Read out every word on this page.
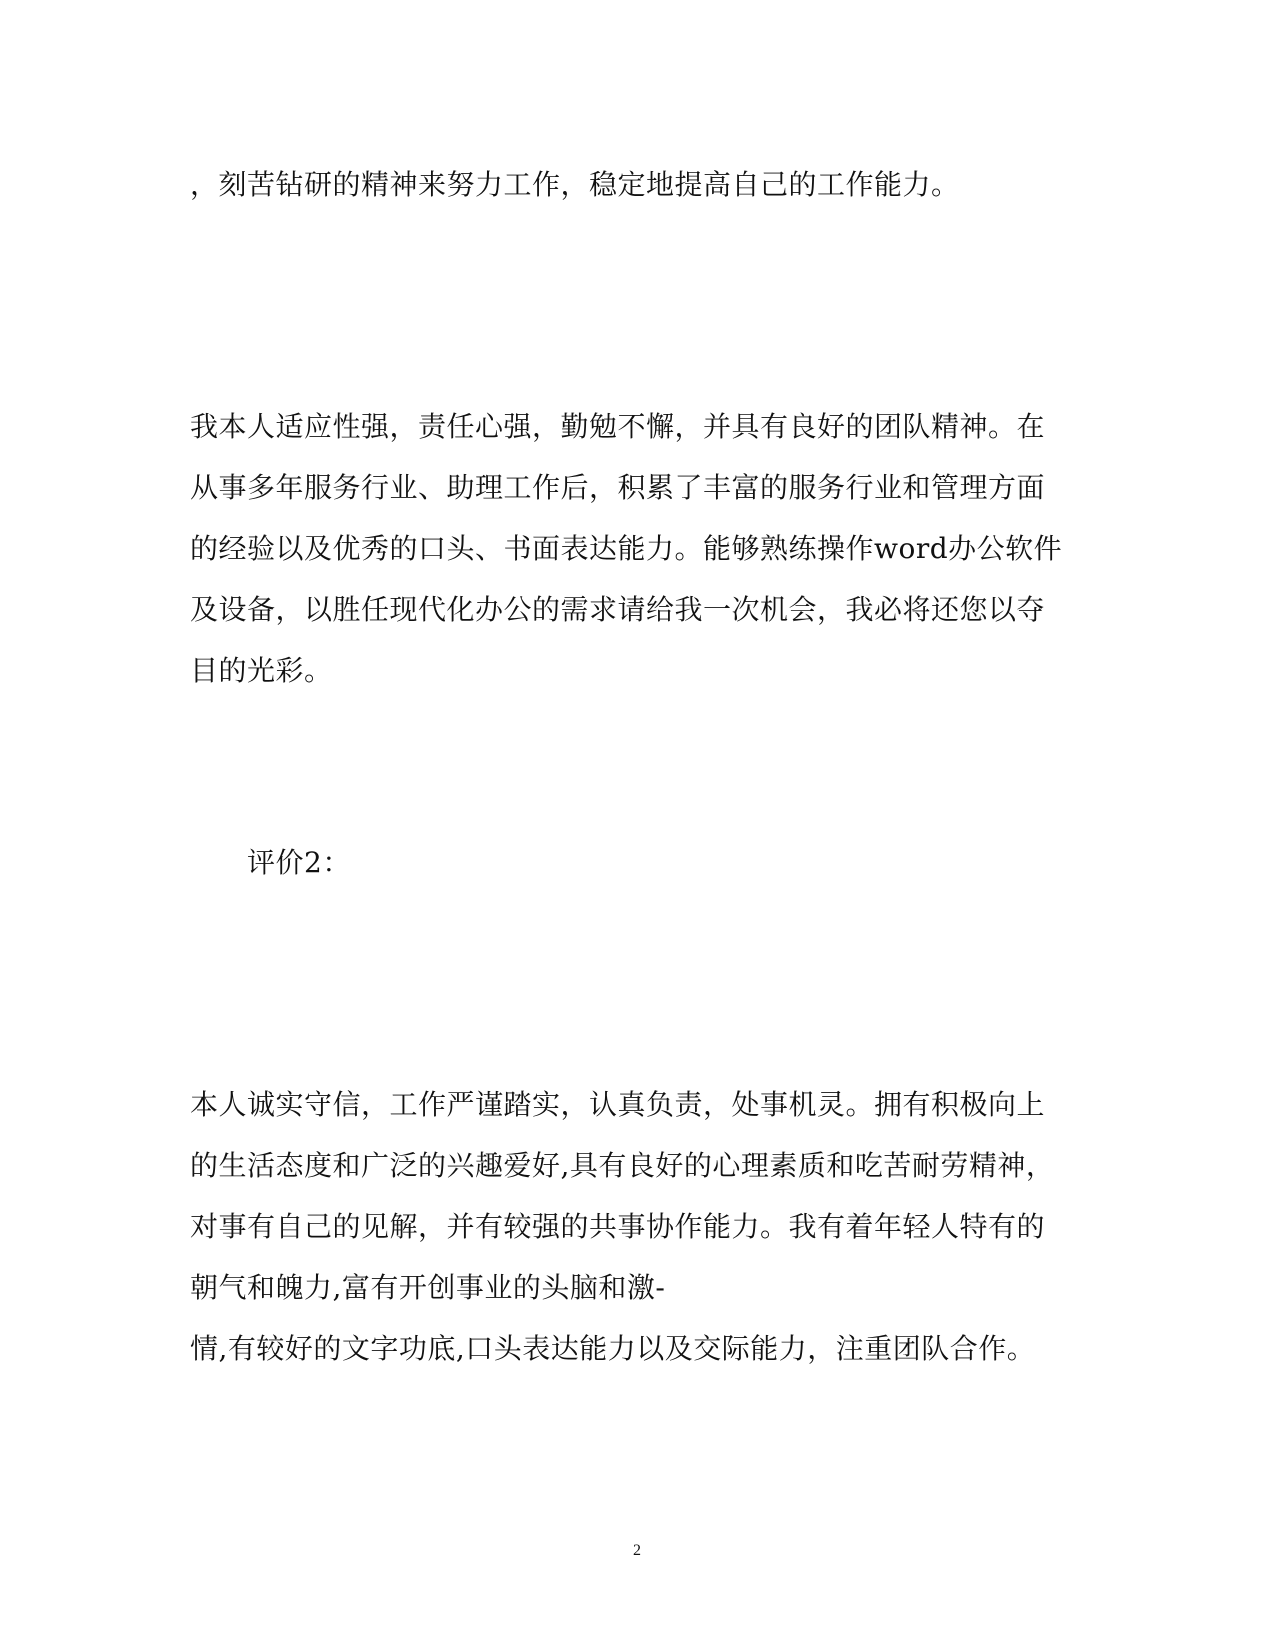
，刻苦钻研的精神来努力工作，稳定地提高自己的工作能力。
我本人适应性强，责任心强，勤勉不懈，并具有良好的团队精神。在
从事多年服务行业、助理工作后，积累了丰富的服务行业和管理方面
的经验以及优秀的口头、书面表达能力。能够熟练操作word办公软件
及设备，以胜任现代化办公的需求请给我一次机会，我必将还您以夺
目的光彩。
评价2：
本人诚实守信，工作严谨踏实，认真负责，处事机灵。拥有积极向上
的生活态度和广泛的兴趣爱好,具有良好的心理素质和吃苦耐劳精神，
对事有自己的见解，并有较强的共事协作能力。我有着年轻人特有的
朝气和魄力,富有开创事业的头脑和激-
情,有较好的文字功底,口头表达能力以及交际能力，注重团队合作。
2
